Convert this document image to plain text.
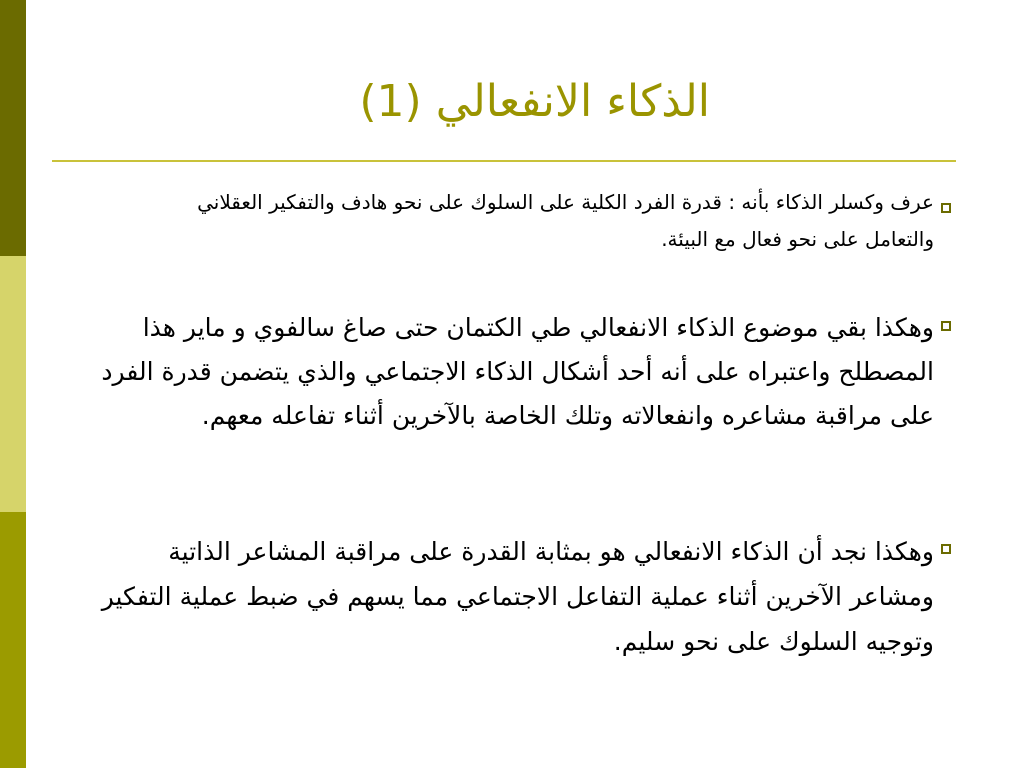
الذكاء الانفعالي (1)
عرف وكسلر الذكاء بأنه : قدرة الفرد الكلية على السلوك على نحو هادف والتفكير العقلاني والتعامل على نحو فعال مع البيئة.
وهكذا بقي موضوع الذكاء الانفعالي طي الكتمان حتى صاغ سالفوي و ماير هذا المصطلح واعتبراه على أنه أحد أشكال الذكاء الاجتماعي والذي يتضمن قدرة الفرد على مراقبة مشاعره وانفعالاته وتلك الخاصة بالآخرين أثناء تفاعله معهم.
وهكذا نجد أن الذكاء الانفعالي هو بمثابة القدرة على مراقبة المشاعر الذاتية ومشاعر الآخرين أثناء عملية التفاعل الاجتماعي مما يسهم في ضبط عملية التفكير وتوجيه السلوك على نحو سليم.
